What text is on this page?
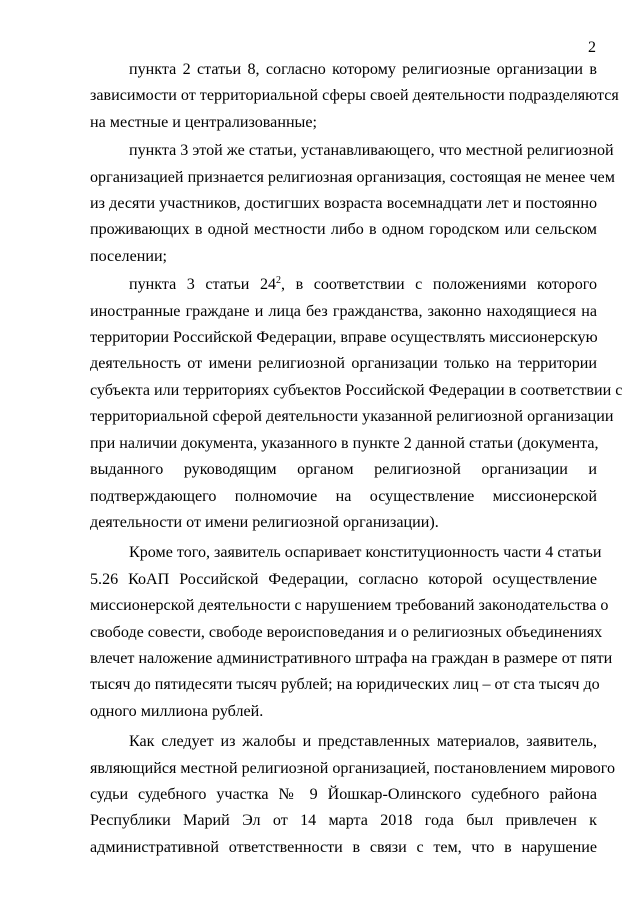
2

пункта 2 статьи 8, согласно которому религиозные организации в
зависимости от территориальной сферы своей деятельности подразделяются
на местные и централизованные;

пункта 3 этой же статьи, устанавливающего, что местной религиозной
организацией признается религиозная организация, состоящая не менее чем
из десяти участников, достигших возраста восемнадцати лет и постоянно
проживающих в одной местности либо в одном городском или сельском
поселении;

пункта 3 статьи $24^2$, в соответствии с положениями которого
иностранные граждане и лица без гражданства, законно находящиеся на
территории Российской Федерации, вправе осуществлять миссионерскую
деятельность от имени религиозной организации только на территории
субъекта или территориях субъектов Российской Федерации в соответствии с
территориальной сферой деятельности указанной религиозной организации
при наличии документа, указанного в пункте 2 данной статьи (документа,
выданного руководящим органом религиозной организации и
подтверждающего полномочие на осуществление миссионерской
деятельности от имени религиозной организации).

Кроме того, заявитель оспаривает конституционность части 4 статьи
5.26 КоАП Российской Федерации, согласно которой осуществление
миссионерской деятельности с нарушением требований законодательства о
свободе совести, свободе вероисповедания и о религиозных объединениях
влечет наложение административного штрафа на граждан в размере от пяти
тысяч до пятидесяти тысяч рублей; на юридических лиц – от ста тысяч до
одного миллиона рублей.

Как следует из жалобы и представленных материалов, заявитель,
являющийся местной религиозной организацией, постановлением мирового
судьи судебного участка № 9 Йошкар-Олинского судебного района
Республики Марий Эл от 14 марта 2018 года был привлечен к
административной ответственности в связи с тем, что в нарушение
